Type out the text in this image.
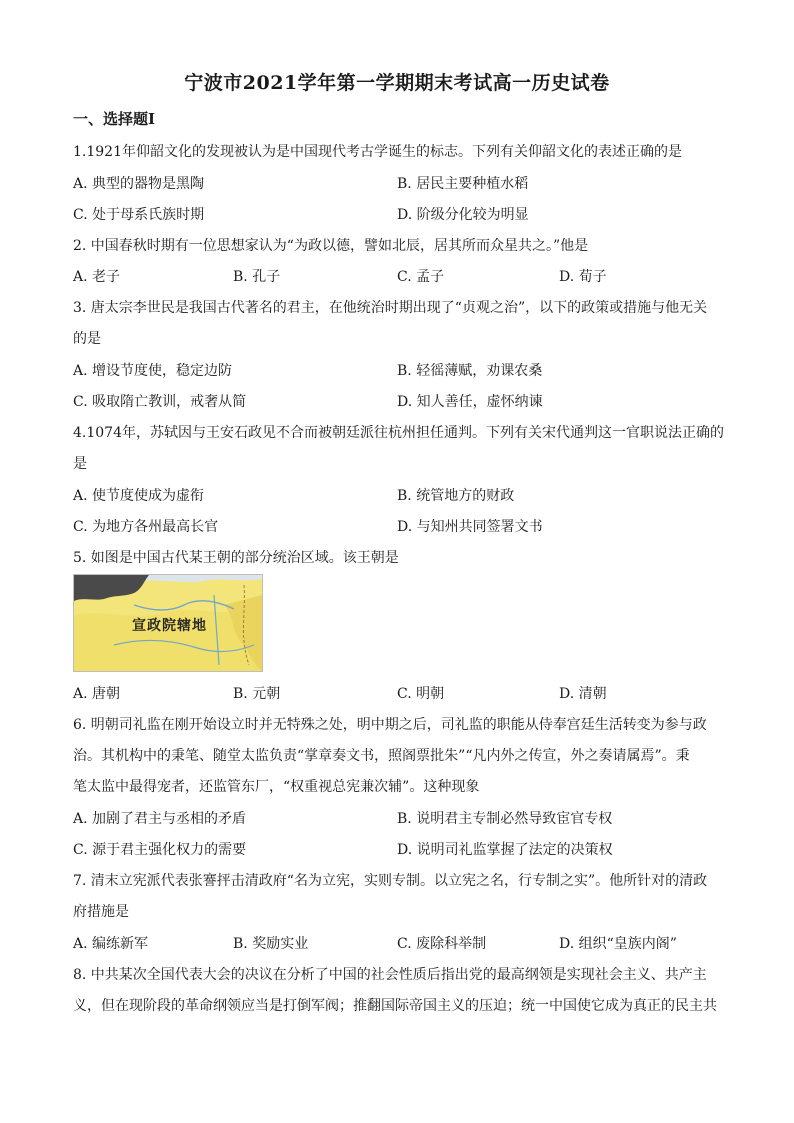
宁波市2021学年第一学期期末考试高一历史试卷
一、选择题Ⅰ
1.1921年仰韶文化的发现被认为是中国现代考古学诞生的标志。下列有关仰韶文化的表述正确的是
A. 典型的器物是黑陶	B. 居民主要种植水稻
C. 处于母系氏族时期	D. 阶级分化较为明显
2. 中国春秋时期有一位思想家认为“为政以德，譬如北辰，居其所而众星共之。”他是
A. 老子	B. 孔子	C. 孟子	D. 荀子
3. 唐太宗李世民是我国古代著名的君主，在他统治时期出现了“贞观之治”，以下的政策或措施与他无关
的是
A. 增设节度使，稳定边防	B. 轻徭薄赋，劝课农桑
C. 吸取隋亡教训，戒奢从简	D. 知人善任，虚怀纳谏
4.1074年，苏轼因与王安石政见不合而被朝廷派往杭州担任通判。下列有关宋代通判这一官职说法正确的
是
A. 使节度使成为虚衔	B. 统管地方的财政
C. 为地方各州最高长官	D. 与知州共同签署文书
5. 如图是中国古代某王朝的部分统治区域。该王朝是
宣政院辖地
A. 唐朝	B. 元朝	C. 明朝	D. 清朝
6. 明朝司礼监在刚开始设立时并无特殊之处，明中期之后，司礼监的职能从侍奉宫廷生活转变为参与政
治。其机构中的秉笔、随堂太监负责“掌章奏文书，照阁票批朱”“凡内外之传宣，外之奏请属焉”。秉
笔太监中最得宠者，还监管东厂，“权重视总宪兼次辅”。这种现象
A. 加剧了君主与丞相的矛盾	B. 说明君主专制必然导致宦官专权
C. 源于君主强化权力的需要	D. 说明司礼监掌握了法定的决策权
7. 清末立宪派代表张謇抨击清政府“名为立宪，实则专制。以立宪之名，行专制之实”。他所针对的清政
府措施是
A. 编练新军	B. 奖励实业	C. 废除科举制	D. 组织“皇族内阁”
8. 中共某次全国代表大会的决议在分析了中国的社会性质后指出党的最高纲领是实现社会主义、共产主
义，但在现阶段的革命纲领应当是打倒军阀；推翻国际帝国主义的压迫；统一中国使它成为真正的民主共
